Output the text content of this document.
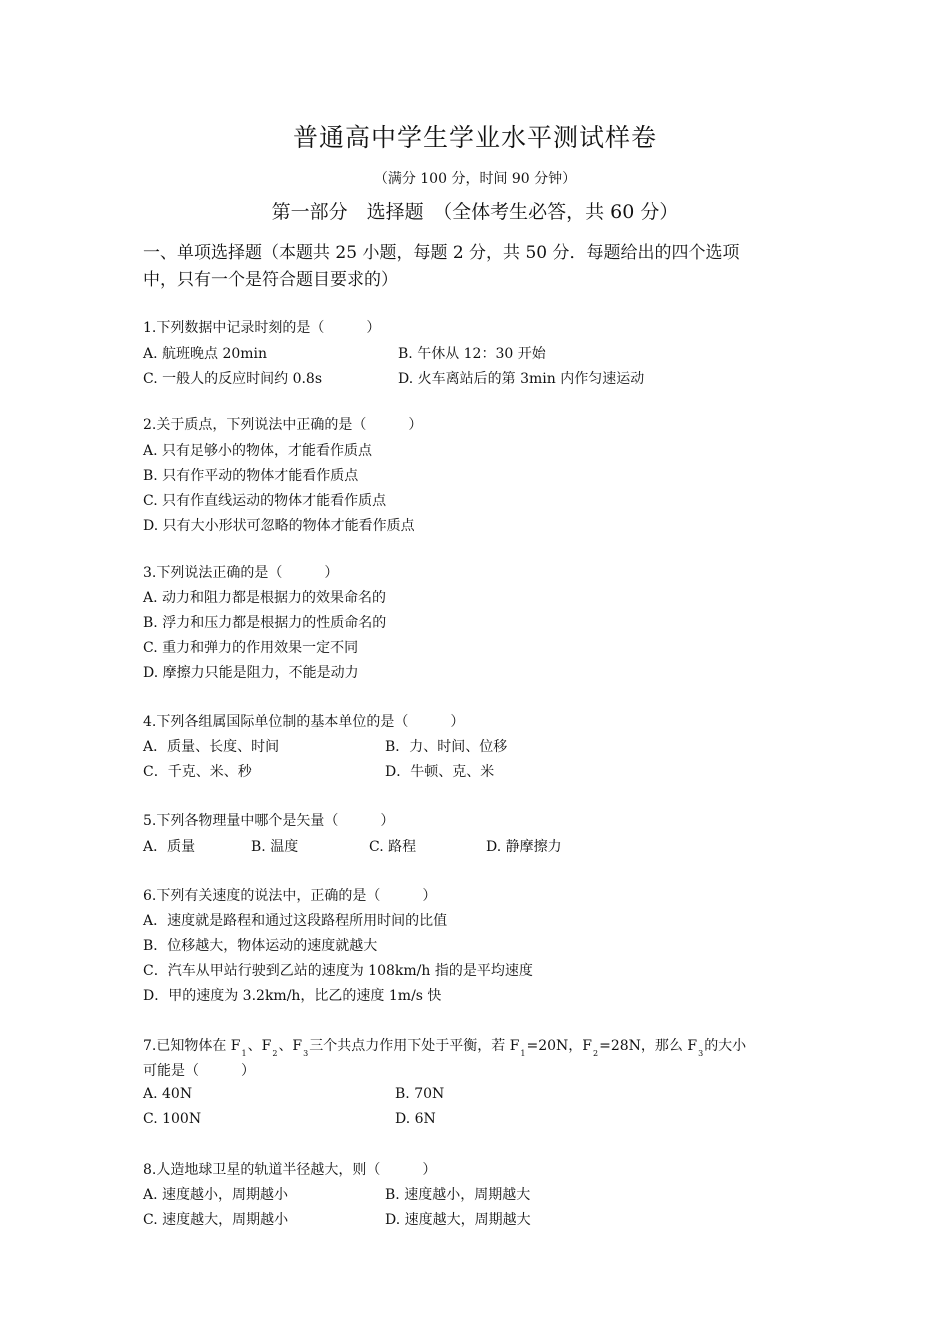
普通高中学生学业水平测试样卷
（满分 100 分，时间 90 分钟）
第一部分　选择题　（全体考生必答，共 60 分）
一、单项选择题（本题共 25 小题，每题 2 分，共 50 分．每题给出的四个选项
中，只有一个是符合题目要求的）
1.下列数据中记录时刻的是（　　　）
A. 航班晚点 20min	B. 午休从 12：30 开始
C. 一般人的反应时间约 0.8s	D. 火车离站后的第 3min 内作匀速运动
2.关于质点，下列说法中正确的是（　　　）
A. 只有足够小的物体，才能看作质点
B. 只有作平动的物体才能看作质点
C. 只有作直线运动的物体才能看作质点
D. 只有大小形状可忽略的物体才能看作质点
3.下列说法正确的是（　　　）
A. 动力和阻力都是根据力的效果命名的
B. 浮力和压力都是根据力的性质命名的
C. 重力和弹力的作用效果一定不同
D. 摩擦力只能是阻力，不能是动力
4.下列各组属国际单位制的基本单位的是（　　　）
A．质量、长度、时间	B．力、时间、位移
C．千克、米、秒	D．牛顿、克、米
5.下列各物理量中哪个是矢量（　　　）
A．质量	B. 温度	C. 路程	D. 静摩擦力
6.下列有关速度的说法中，正确的是（　　　）
A．速度就是路程和通过这段路程所用时间的比值
B．位移越大，物体运动的速度就越大
C．汽车从甲站行驶到乙站的速度为 108km/h 指的是平均速度
D．甲的速度为 3.2km/h，比乙的速度 1m/s 快
7.已知物体在 $F_1$、$F_2$、$F_3$三个共点力作用下处于平衡，若 $F_1=20N$，$F_2=28N$，那么 $F_3$的大小
可能是（　　　）
A. 40N	B. 70N
C. 100N	D. 6N
8.人造地球卫星的轨道半径越大，则（　　　）
A. 速度越小，周期越小	B. 速度越小，周期越大
C. 速度越大，周期越小	D. 速度越大，周期越大
